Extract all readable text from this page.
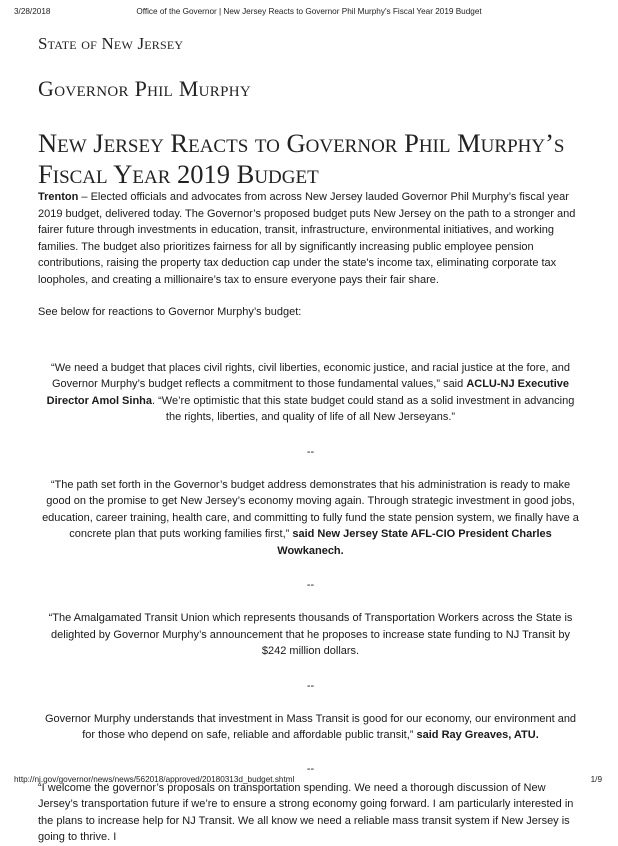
3/28/2018	Office of the Governor | New Jersey Reacts to Governor Phil Murphy's Fiscal Year 2019 Budget
State of New Jersey
Governor Phil Murphy
New Jersey Reacts to Governor Phil Murphy’s Fiscal Year 2019 Budget

Trenton – Elected officials and advocates from across New Jersey lauded Governor Phil Murphy’s fiscal year 2019 budget, delivered today. The Governor’s proposed budget puts New Jersey on the path to a stronger and fairer future through investments in education, transit, infrastructure, environmental initiatives, and working families. The budget also prioritizes fairness for all by significantly increasing public employee pension contributions, raising the property tax deduction cap under the state's income tax, eliminating corporate tax loopholes, and creating a millionaire’s tax to ensure everyone pays their fair share.

See below for reactions to Governor Murphy’s budget:

“We need a budget that places civil rights, civil liberties, economic justice, and racial justice at the fore, and Governor Murphy’s budget reflects a commitment to those fundamental values,” said ACLU-NJ Executive Director Amol Sinha. “We’re optimistic that this state budget could stand as a solid investment in advancing the rights, liberties, and quality of life of all New Jerseyans.”

--

“The path set forth in the Governor’s budget address demonstrates that his administration is ready to make good on the promise to get New Jersey’s economy moving again. Through strategic investment in good jobs, education, career training, health care, and committing to fully fund the state pension system, we finally have a concrete plan that puts working families first,” said New Jersey State AFL-CIO President Charles Wowkanech.

--

“The Amalgamated Transit Union which represents thousands of Transportation Workers across the State is delighted by Governor Murphy’s announcement that he proposes to increase state funding to NJ Transit by $242 million dollars.

--

Governor Murphy understands that investment in Mass Transit is good for our economy, our environment and for those who depend on safe, reliable and affordable public transit,” said Ray Greaves, ATU.

--

“I welcome the governor’s proposals on transportation spending. We need a thorough discussion of New Jersey’s transportation future if we’re to ensure a strong economy going forward. I am particularly interested in the plans to increase help for NJ Transit. We all know we need a reliable mass transit system if New Jersey is going to thrive. I

http://nj.gov/governor/news/news/562018/approved/20180313d_budget.shtml	1/9
